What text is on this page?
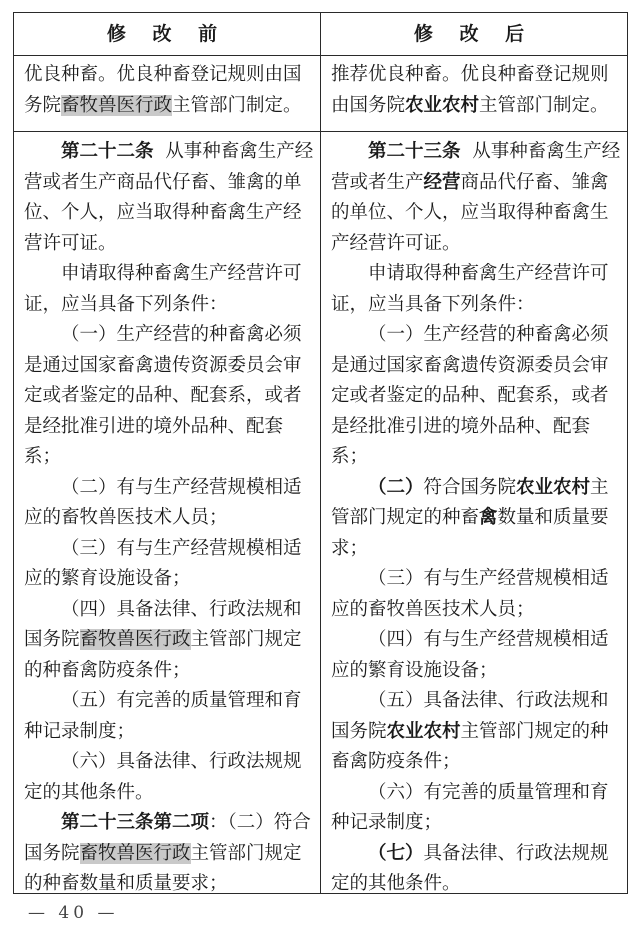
修 改 前	修 改 后

优良种畜。优良种畜登记规则由国务院畜牧兽医行政主管部门制定。

推荐优良种畜。优良种畜登记规则由国务院农业农村主管部门制定。

第二十二条 从事种畜禽生产经营或者生产商品代仔畜、雏禽的单位、个人，应当取得种畜禽生产经营许可证。

申请取得种畜禽生产经营许可证，应当具备下列条件：

（一）生产经营的种畜禽必须是通过国家畜禽遗传资源委员会审定或者鉴定的品种、配套系，或者是经批准引进的境外品种、配套系；

（二）有与生产经营规模相适应的畜牧兽医技术人员；

（三）有与生产经营规模相适应的繁育设施设备；

（四）具备法律、行政法规和国务院畜牧兽医行政主管部门规定的种畜禽防疫条件；

（五）有完善的质量管理和育种记录制度；

（六）具备法律、行政法规规定的其他条件。

第二十三条第二项：（二）符合国务院畜牧兽医行政主管部门规定的种畜数量和质量要求；

第二十三条 从事种畜禽生产经营或者生产经营商品代仔畜、雏禽的单位、个人，应当取得种畜禽生产经营许可证。

申请取得种畜禽生产经营许可证，应当具备下列条件：

（一）生产经营的种畜禽必须是通过国家畜禽遗传资源委员会审定或者鉴定的品种、配套系，或者是经批准引进的境外品种、配套系；

（二）符合国务院农业农村主管部门规定的种畜禽数量和质量要求；

（三）有与生产经营规模相适应的畜牧兽医技术人员；

（四）有与生产经营规模相适应的繁育设施设备；

（五）具备法律、行政法规和国务院农业农村主管部门规定的种畜禽防疫条件；

（六）有完善的质量管理和育种记录制度；

（七）具备法律、行政法规规定的其他条件。

— 40 —
